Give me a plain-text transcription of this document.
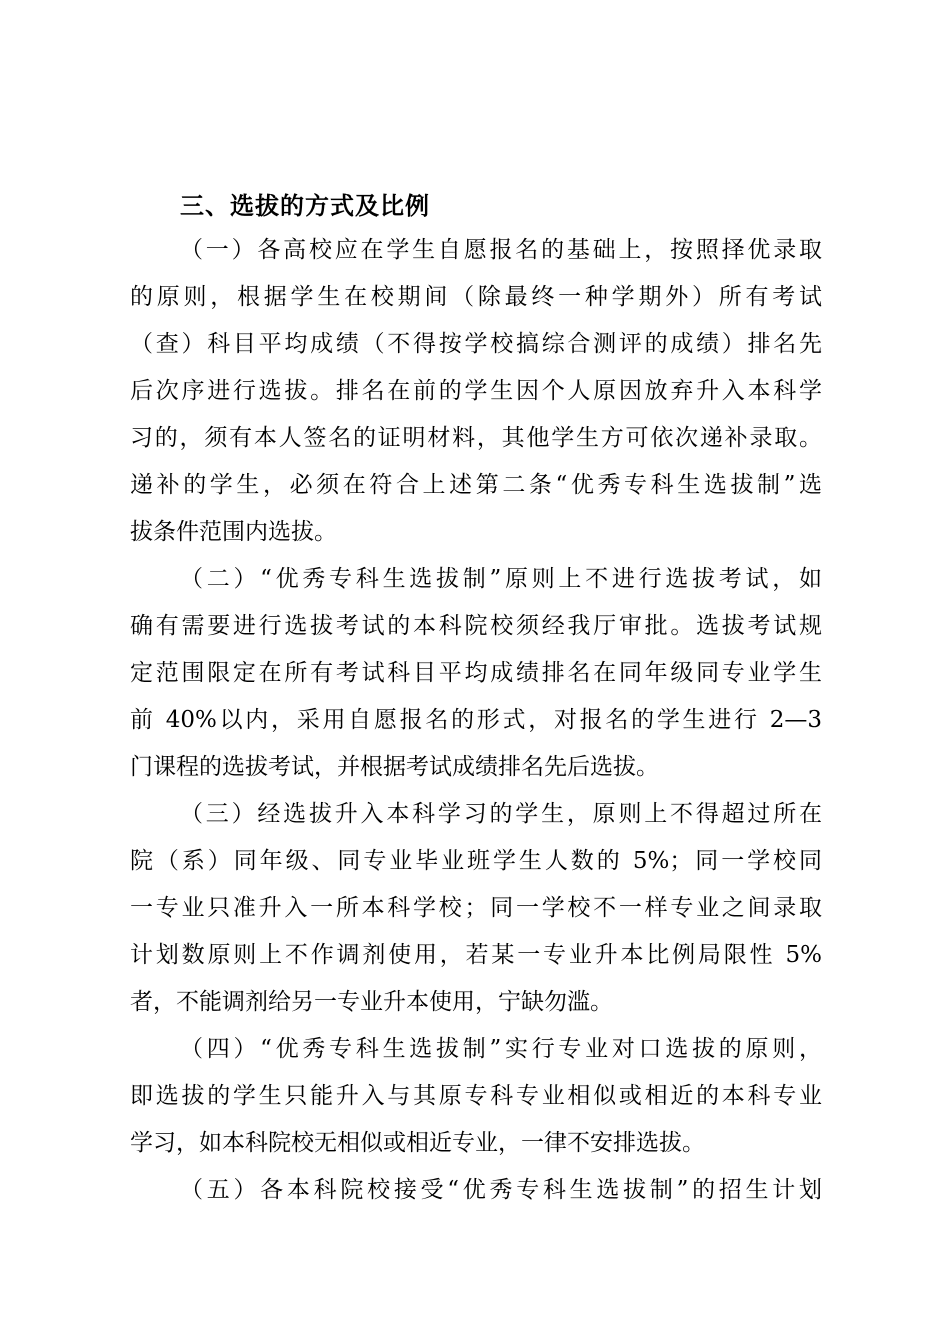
三、选拔的方式及比例
（一）各高校应在学生自愿报名的基础上，按照择优录取
的原则，根据学生在校期间（除最终一种学期外）所有考试
（查）科目平均成绩（不得按学校搞综合测评的成绩）排名先
后次序进行选拔。排名在前的学生因个人原因放弃升入本科学
习的，须有本人签名的证明材料，其他学生方可依次递补录取。
递补的学生，必须在符合上述第二条“优秀专科生选拔制”选
拔条件范围内选拔。
（二）“优秀专科生选拔制”原则上不进行选拔考试，如
确有需要进行选拔考试的本科院校须经我厅审批。选拔考试规
定范围限定在所有考试科目平均成绩排名在同年级同专业学生
前 40%以内，采用自愿报名的形式，对报名的学生进行 2—3
门课程的选拔考试，并根据考试成绩排名先后选拔。
（三）经选拔升入本科学习的学生，原则上不得超过所在
院（系）同年级、同专业毕业班学生人数的 5%；同一学校同
一专业只准升入一所本科学校；同一学校不一样专业之间录取
计划数原则上不作调剂使用，若某一专业升本比例局限性 5%
者，不能调剂给另一专业升本使用，宁缺勿滥。
（四）“优秀专科生选拔制”实行专业对口选拔的原则，
即选拔的学生只能升入与其原专科专业相似或相近的本科专业
学习，如本科院校无相似或相近专业，一律不安排选拔。
（五）各本科院校接受“优秀专科生选拔制”的招生计划
